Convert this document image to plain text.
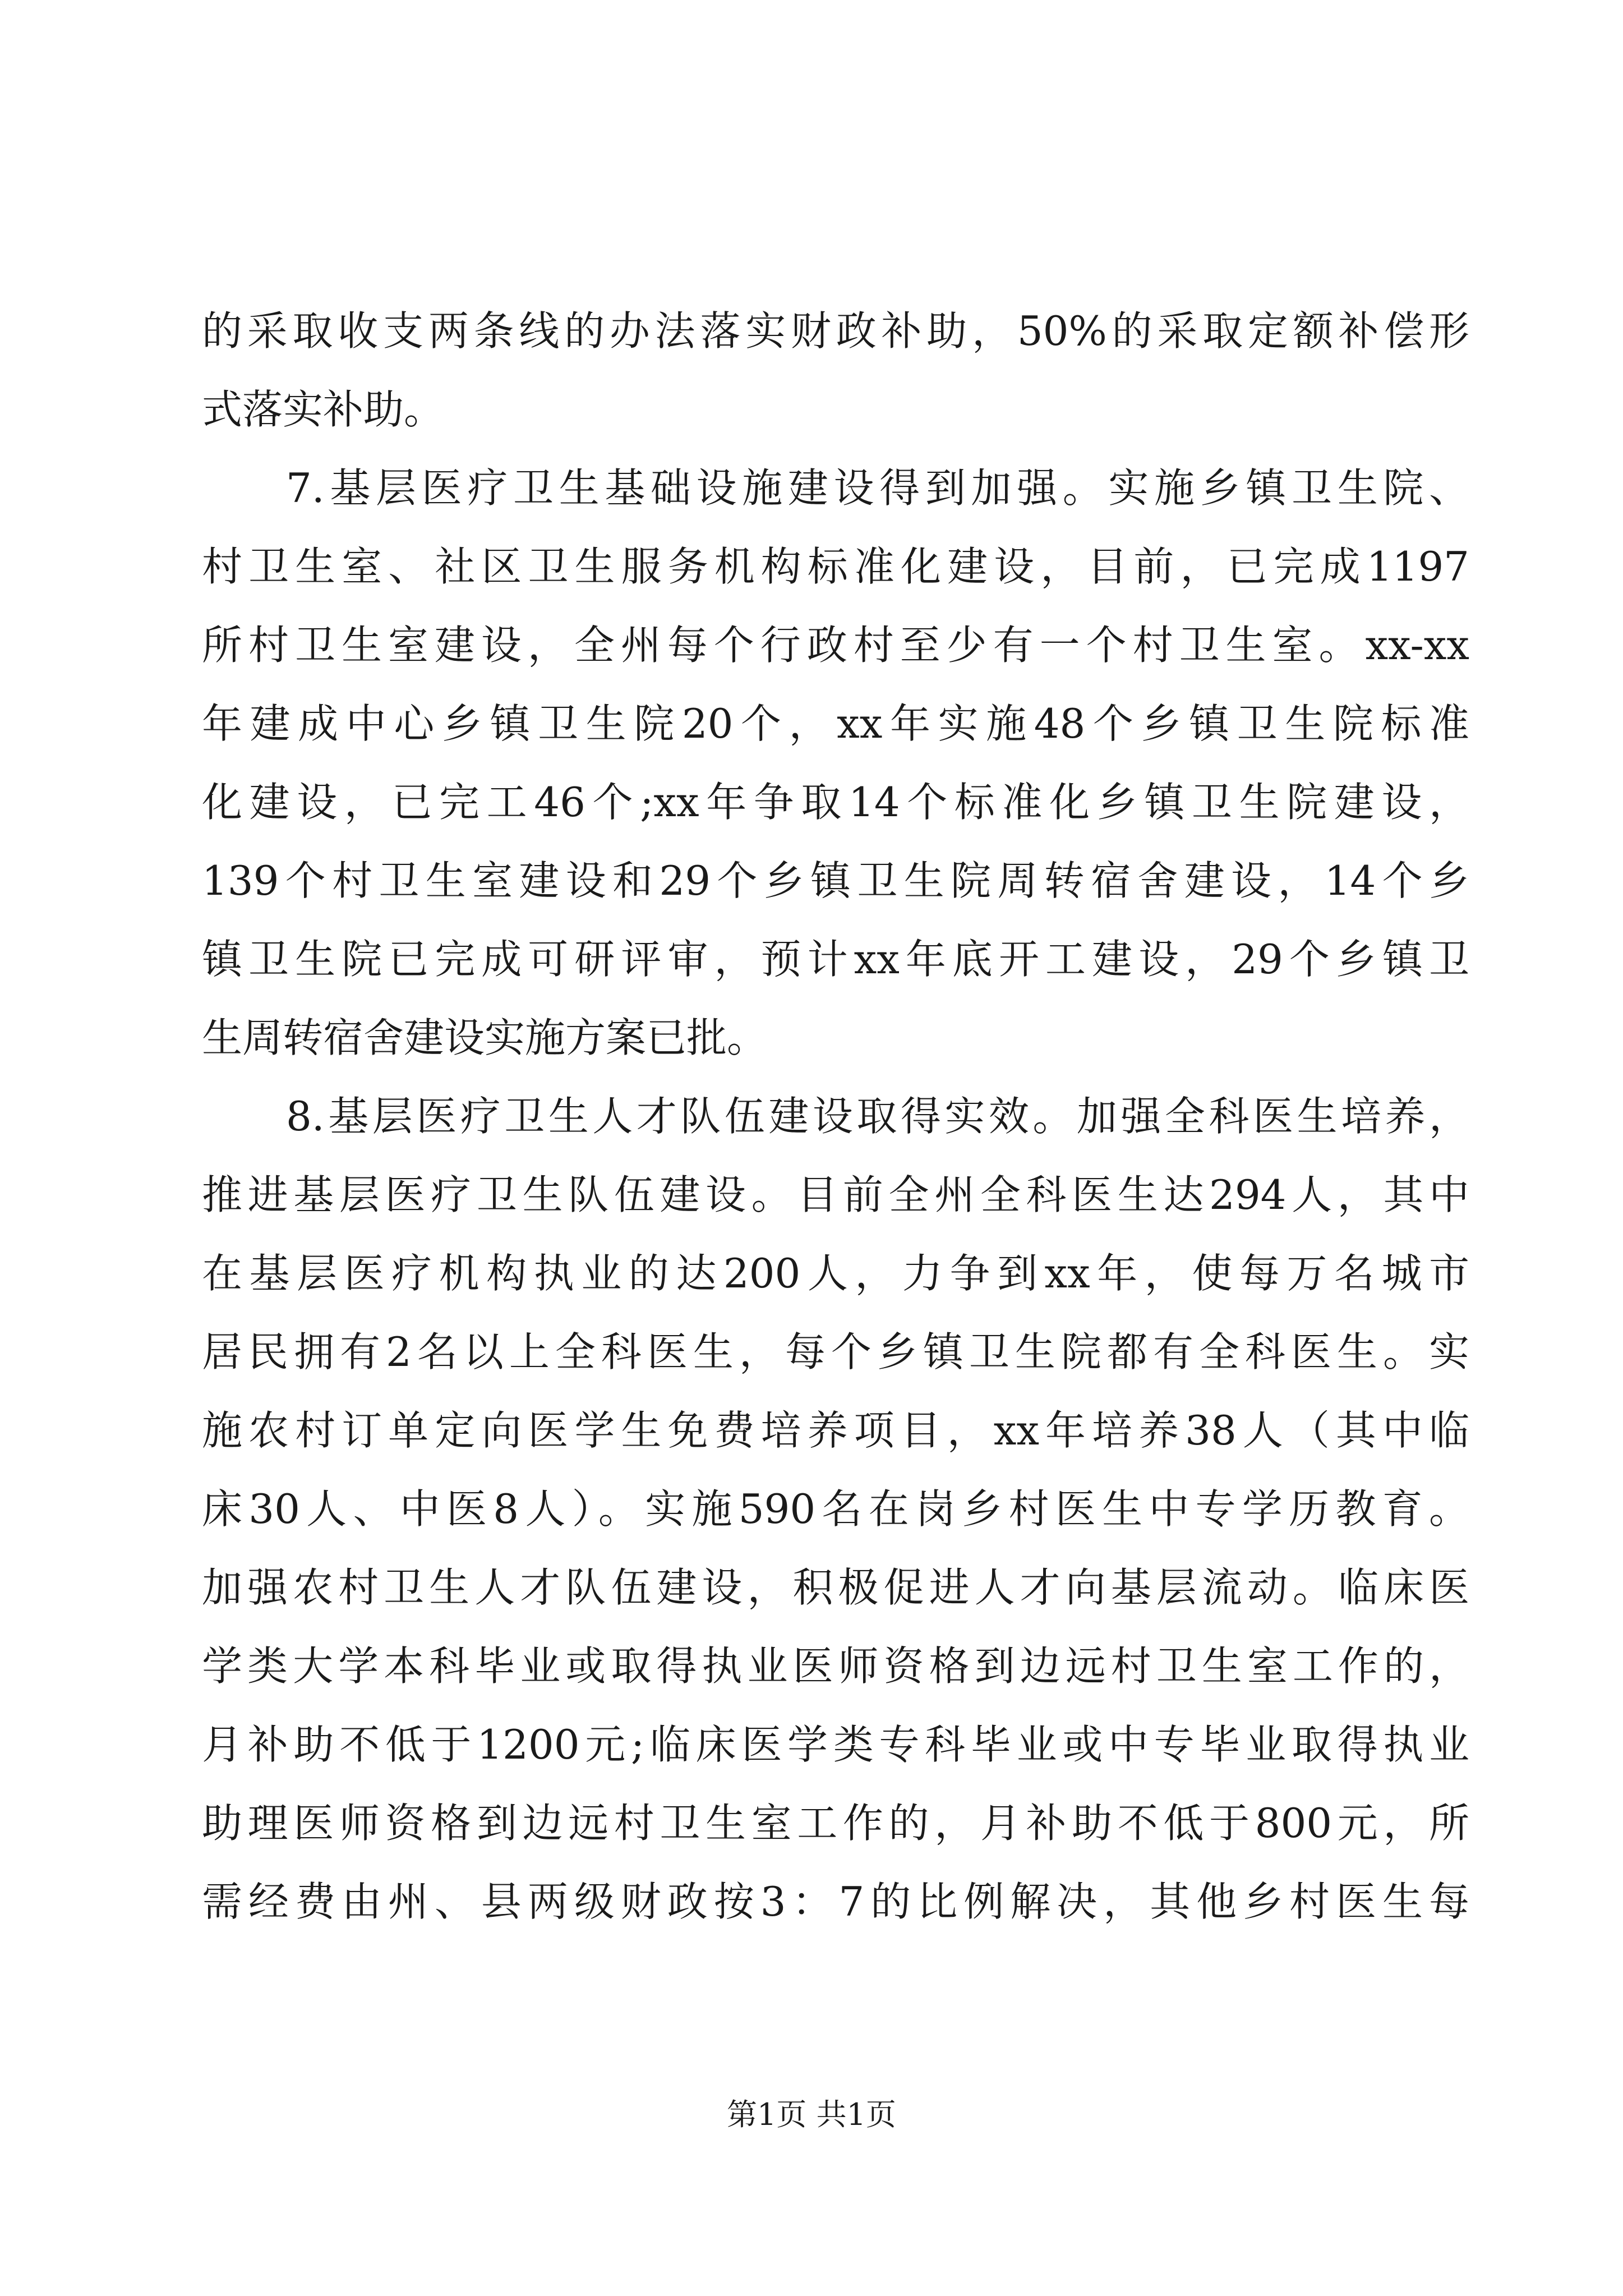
的采取收支两条线的办法落实财政补助，50%的采取定额补偿形
式落实补助。
7.基层医疗卫生基础设施建设得到加强。实施乡镇卫生院、
村卫生室、社区卫生服务机构标准化建设，目前，已完成1197
所村卫生室建设，全州每个行政村至少有一个村卫生室。xx-xx
年建成中心乡镇卫生院20个，xx年实施48个乡镇卫生院标准
化建设，已完工46个;xx年争取14个标准化乡镇卫生院建设，
139个村卫生室建设和29个乡镇卫生院周转宿舍建设，14个乡
镇卫生院已完成可研评审，预计xx年底开工建设，29个乡镇卫
生周转宿舍建设实施方案已批。
8.基层医疗卫生人才队伍建设取得实效。加强全科医生培养，
推进基层医疗卫生队伍建设。目前全州全科医生达294人，其中
在基层医疗机构执业的达200人，力争到xx年，使每万名城市
居民拥有2名以上全科医生，每个乡镇卫生院都有全科医生。实
施农村订单定向医学生免费培养项目，xx年培养38人（其中临
床30人、中医8人）。实施590名在岗乡村医生中专学历教育。
加强农村卫生人才队伍建设，积极促进人才向基层流动。临床医
学类大学本科毕业或取得执业医师资格到边远村卫生室工作的，
月补助不低于1200元;临床医学类专科毕业或中专毕业取得执业
助理医师资格到边远村卫生室工作的，月补助不低于800元，所
需经费由州、县两级财政按3：7的比例解决，其他乡村医生每
第1页 共1页
